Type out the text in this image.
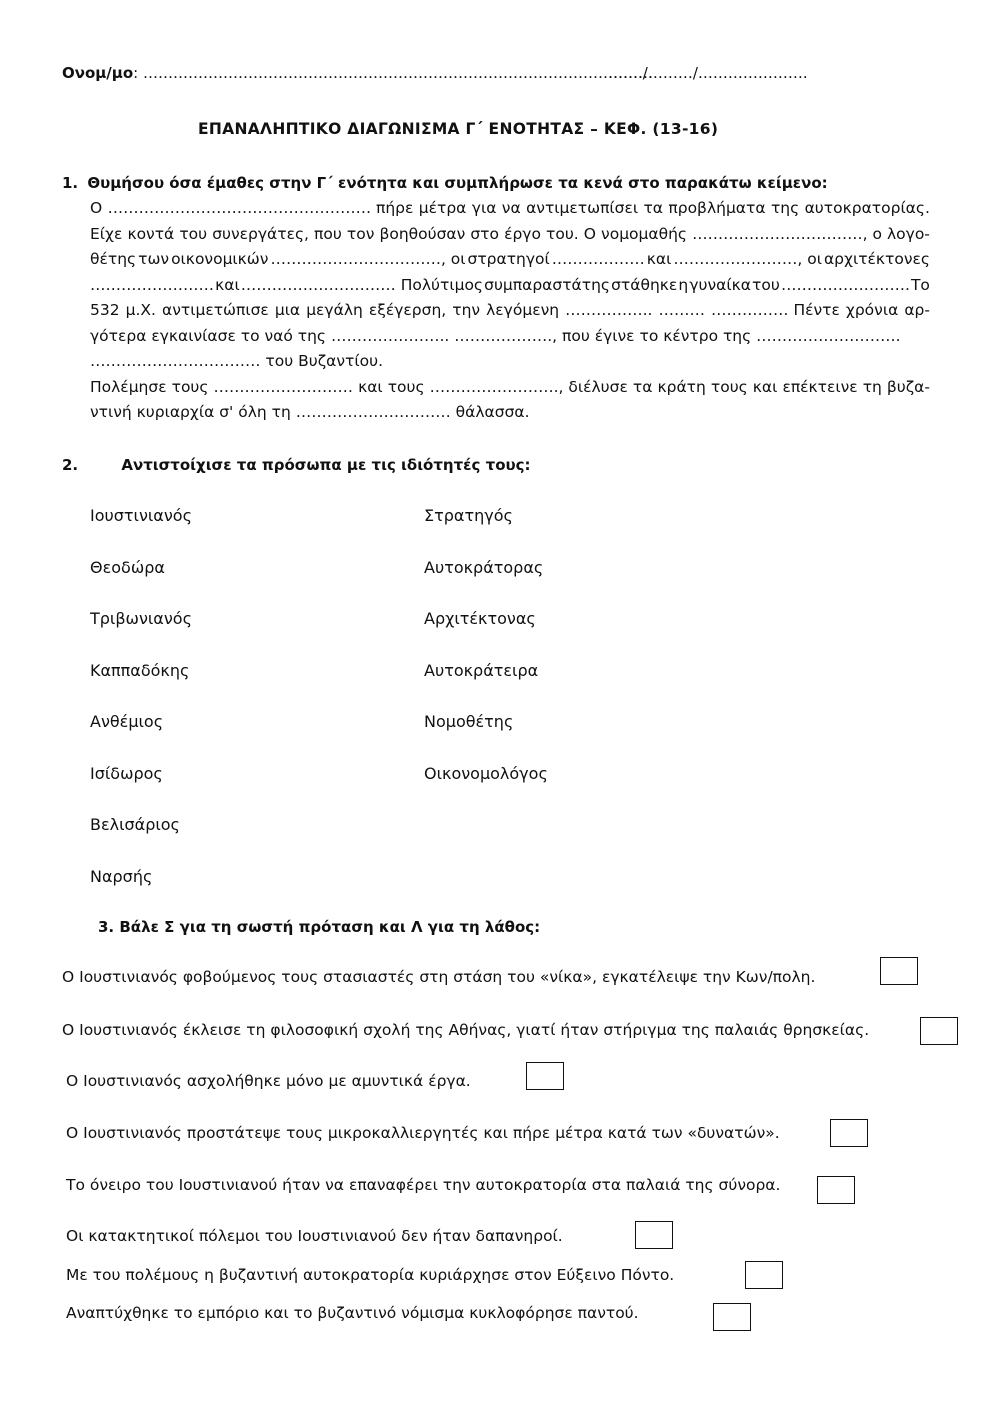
Ονομ/μο: …………………………………………………………………………………………
……./………/………………….
ΕΠΑΝΑΛΗΠΤΙΚΟ ΔΙΑΓΩΝΙΣΜΑ Γ΄ ΕΝΟΤΗΤΑΣ – ΚΕΦ. (13-16)
1. Θυμήσου όσα έμαθες στην Γ΄ ενότητα και συμπλήρωσε τα κενά στο παρακάτω κείμενο:
Ο …………………………………………… πήρε μέτρα για να αντιμετωπίσει τα προβλήματα της αυτοκρατορίας.
Είχε κοντά του συνεργάτες, που τον βοηθούσαν στο έργο του. Ο νομομαθής ……………………………, ο λογο-
θέτης των οικονομικών ……………………………, οι στρατηγοί ……………… και ……………………, οι αρχιτέκτονες
…………………… και ………………………… Πολύτιμος συμπαραστάτης στάθηκε η γυναίκα του ……………………. Το
532 μ.Χ. αντιμετώπισε μια μεγάλη εξέγερση, την λεγόμενη …………….. ……… …………… Πέντε χρόνια αρ-
γότερα εγκαινίασε το ναό της ………………….. ………………., που έγινε το κέντρο της ……………………….
…………………………… του Βυζαντίου.
Πολέμησε τους ……………………… και τους ……………………., διέλυσε τα κράτη τους και επέκτεινε τη βυζα-
ντινή κυριαρχία σ' όλη τη ………………………… θάλασσα.
2.	Αντιστοίχισε τα πρόσωπα με τις ιδιότητές τους:
Ιουστινιανός
Θεοδώρα
Τριβωνιανός
Καππαδόκης
Ανθέμιος
Ισίδωρος
Βελισάριος
Ναρσής
Στρατηγός
Αυτοκράτορας
Αρχιτέκτονας
Αυτοκράτειρα
Νομοθέτης
Οικονομολόγος
3. Βάλε Σ για τη σωστή πρόταση και Λ για τη λάθος:
Ο Ιουστινιανός φοβούμενος τους στασιαστές στη στάση του «νίκα», εγκατέλειψε την Κων/πολη.
Ο Ιουστινιανός έκλεισε τη φιλοσοφική σχολή της Αθήνας, γιατί ήταν στήριγμα της παλαιάς θρησκείας.
Ο Ιουστινιανός ασχολήθηκε μόνο με αμυντικά έργα.
Ο Ιουστινιανός προστάτεψε τους μικροκαλλιεργητές και πήρε μέτρα κατά των «δυνατών».
Το όνειρο του Ιουστινιανού ήταν να επαναφέρει την αυτοκρατορία στα παλαιά της σύνορα.
Οι κατακτητικοί πόλεμοι του Ιουστινιανού δεν ήταν δαπανηροί.
Με του πολέμους η βυζαντινή αυτοκρατορία κυριάρχησε στον Εύξεινο Πόντο.
Αναπτύχθηκε το εμπόριο και το βυζαντινό νόμισμα κυκλοφόρησε παντού.
